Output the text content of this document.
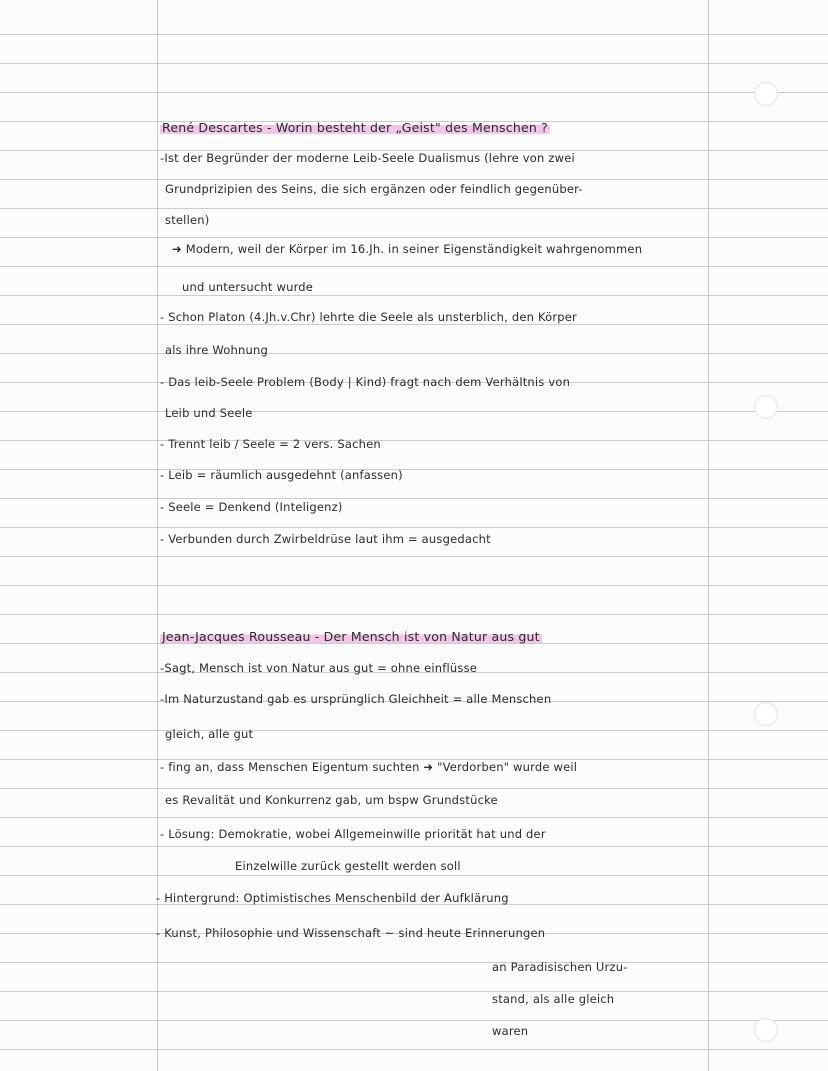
René Descartes - Worin besteht der „Geist" des Menschen ?
-Ist der Begründer der moderne Leib-Seele Dualismus (lehre von zwei
Grundprizipien des Seins, die sich ergänzen oder feindlich gegenüber-
stellen)
➜ Modern, weil der Körper im 16.Jh. in seiner Eigenständigkeit wahrgenommen
und untersucht wurde
- Schon Platon (4.Jh.v.Chr) lehrte die Seele als unsterblich, den Körper
als ihre Wohnung
- Das leib-Seele Problem (Body | Kind) fragt nach dem Verhältnis von
Leib und Seele
- Trennt leib / Seele = 2 vers. Sachen
- Leib = räumlich ausgedehnt (anfassen)
- Seele = Denkend (Inteligenz)
- Verbunden durch Zwirbeldrüse laut ihm = ausgedacht
Jean-Jacques Rousseau - Der Mensch ist von Natur aus gut
-Sagt, Mensch ist von Natur aus gut = ohne einflüsse
-Im Naturzustand gab es ursprünglich Gleichheit = alle Menschen
gleich, alle gut
- fing an, dass Menschen Eigentum suchten ➜ "Verdorben" wurde weil
es Revalität und Konkurrenz gab, um bspw Grundstücke
- Lösung: Demokratie, wobei Allgemeinwille priorität hat und der
Einzelwille zurück gestellt werden soll
- Hintergrund: Optimistisches Menschenbild der Aufklärung
- Kunst, Philosophie und Wissenschaft ~ sind heute Erinnerungen
an Paradisischen Urzu-
stand, als alle gleich
waren
